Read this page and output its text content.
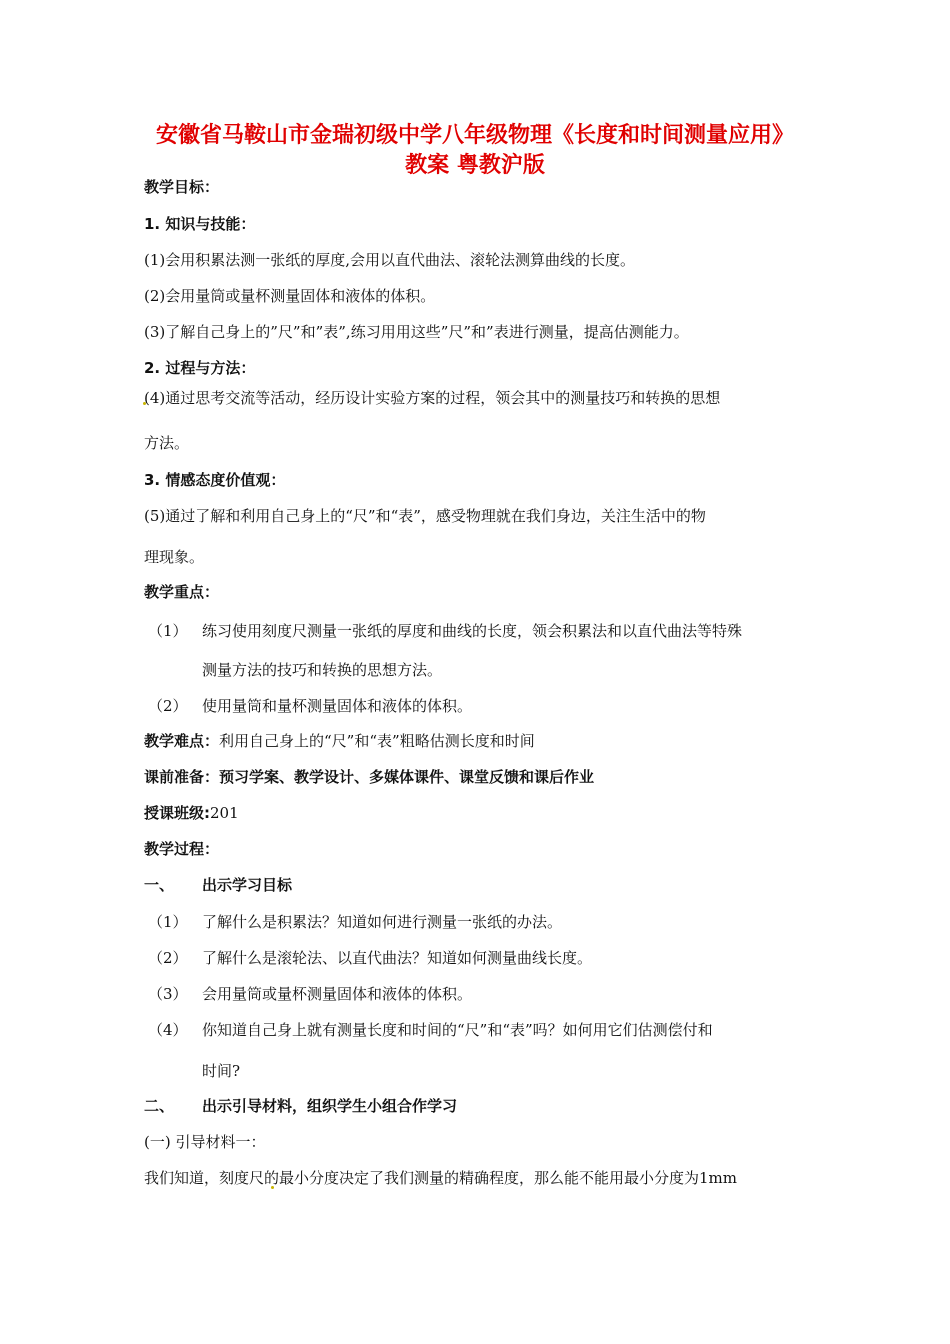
安徽省马鞍山市金瑞初级中学八年级物理《长度和时间测量应用》
教案 粤教沪版
教学目标：
1. 知识与技能：
(1)会用积累法测一张纸的厚度,会用以直代曲法、滚轮法测算曲线的长度。
(2)会用量筒或量杯测量固体和液体的体积。
(3)了解自己身上的”尺”和”表”,练习用用这些”尺”和”表进行测量，提高估测能力。
2. 过程与方法：
(4)通过思考交流等活动，经历设计实验方案的过程，领会其中的测量技巧和转换的思想
方法。
3. 情感态度价值观：
(5)通过了解和利用自己身上的“尺”和“表”，感受物理就在我们身边，关注生活中的物
理现象。
教学重点：
（1） 练习使用刻度尺测量一张纸的厚度和曲线的长度，领会积累法和以直代曲法等特殊
测量方法的技巧和转换的思想方法。
（2） 使用量筒和量杯测量固体和液体的体积。
教学难点：利用自己身上的“尺”和“表”粗略估测长度和时间
课前准备：预习学案、教学设计、多媒体课件、课堂反馈和课后作业
授课班级:201
教学过程：
一、 出示学习目标
（1） 了解什么是积累法？知道如何进行测量一张纸的办法。
（2） 了解什么是滚轮法、以直代曲法？知道如何测量曲线长度。
（3） 会用量筒或量杯测量固体和液体的体积。
（4） 你知道自己身上就有测量长度和时间的“尺”和“表”吗？如何用它们估测偿付和
时间?
二、 出示引导材料，组织学生小组合作学习
(一) 引导材料一：
我们知道，刻度尺的最小分度决定了我们测量的精确程度，那么能不能用最小分度为1mm
